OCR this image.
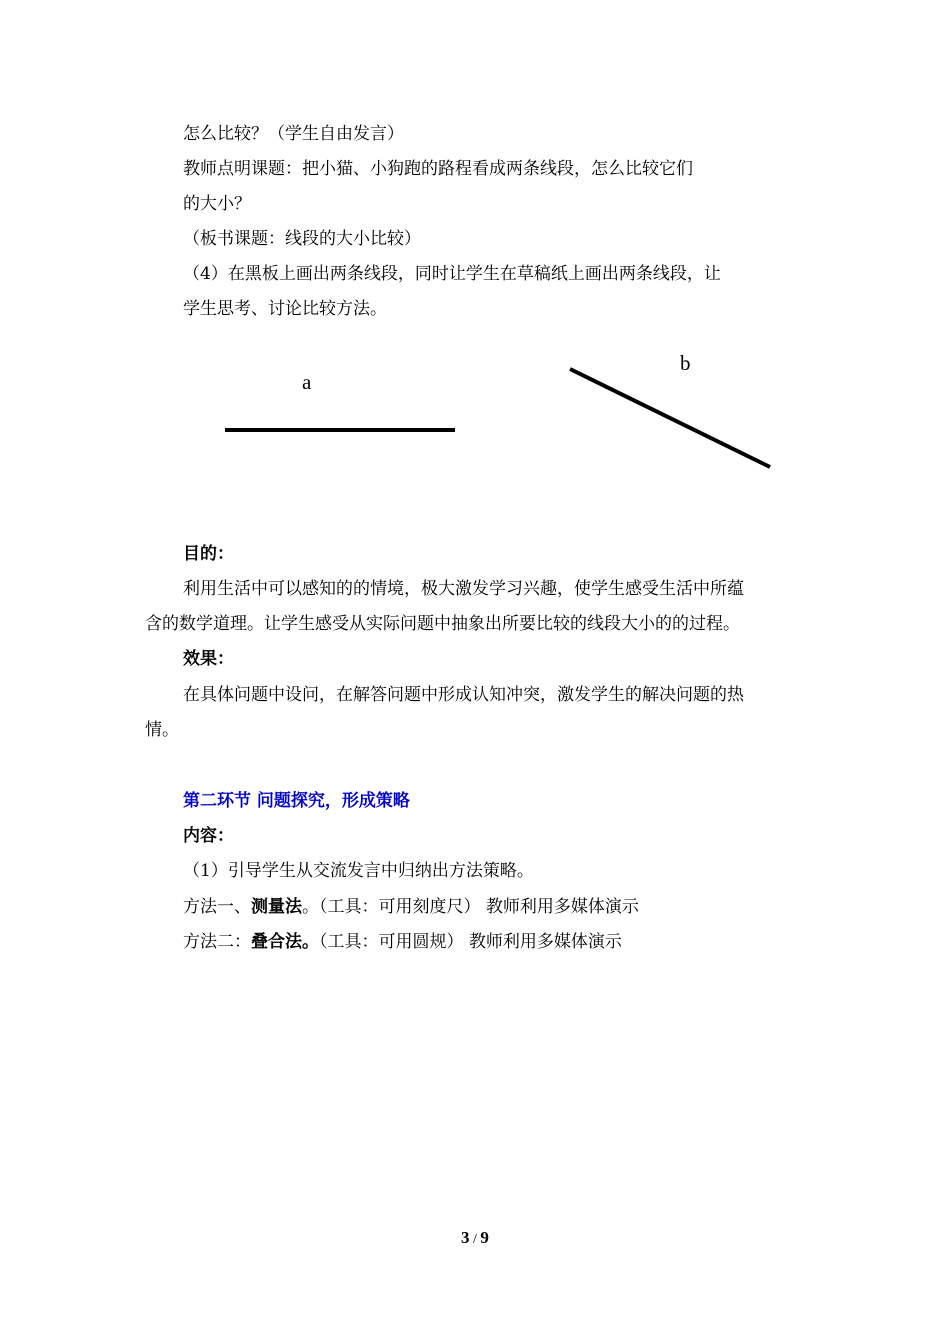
怎么比较？（学生自由发言）
教师点明课题：把小猫、小狗跑的路程看成两条线段，怎么比较它们
的大小？
（板书课题：线段的大小比较）
（4）在黑板上画出两条线段，同时让学生在草稿纸上画出两条线段，让
学生思考、讨论比较方法。
a
b
目的：
利用生活中可以感知的的情境，极大激发学习兴趣，使学生感受生活中所蕴
含的数学道理。让学生感受从实际问题中抽象出所要比较的线段大小的的过程。
效果：
在具体问题中设问，在解答问题中形成认知冲突，激发学生的解决问题的热
情。
第二环节 问题探究，形成策略
内容：
（1）引导学生从交流发言中归纳出方法策略。
方法一、测量法。（工具：可用刻度尺） 教师利用多媒体演示
方法二：叠合法。（工具：可用圆规） 教师利用多媒体演示
3 / 9
